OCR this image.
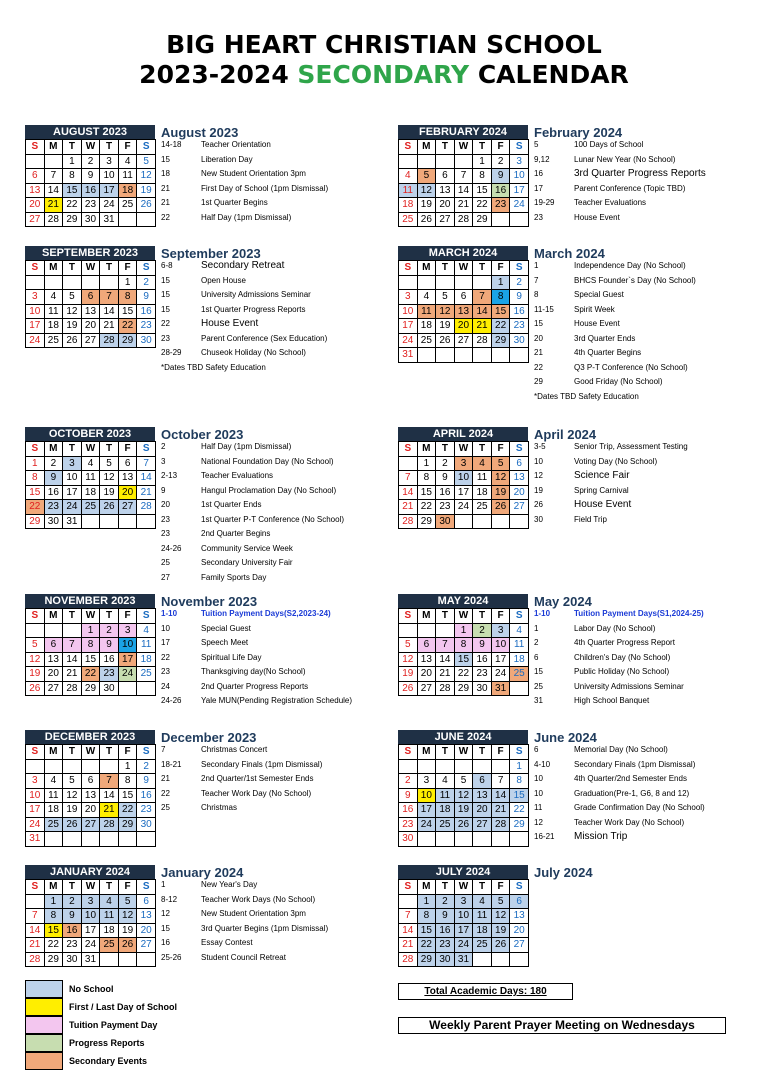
BIG HEART CHRISTIAN SCHOOL
2023-2024 SECONDARY CALENDAR
AUGUST 2023
S	M	T	W	T	F	S
		1	2	3	4	5
6	7	8	9	10	11	12
13	14	15	16	17	18	19
20	21	22	23	24	25	26
27	28	29	30	31		
August 2023
14-18	Teacher Orientation
15	Liberation Day
18	New Student Orientation 3pm
21	First Day of School (1pm Dismissal)
21	1st Quarter Begins
22	Half Day (1pm Dismissal)
SEPTEMBER 2023
S	M	T	W	T	F	S
					1	2
3	4	5	6	7	8	9
10	11	12	13	14	15	16
17	18	19	20	21	22	23
24	25	26	27	28	29	30
September 2023
6-8	Secondary Retreat
15	Open House
15	University Admissions Seminar
15	1st Quarter Progress Reports
22	House Event
23	Parent Conference (Sex Education)
28-29	Chuseok Holiday (No School)
*Dates TBD Safety Education
OCTOBER 2023
S	M	T	W	T	F	S
1	2	3	4	5	6	7
8	9	10	11	12	13	14
15	16	17	18	19	20	21
22	23	24	25	26	27	28
29	30	31				
October 2023
2	Half Day (1pm Dismissal)
3	National Foundation Day (No School)
2-13	Teacher Evaluations
9	Hangul Proclamation Day (No School)
20	1st Quarter Ends
23	1st Quarter P-T Conference (No School)
23	2nd Quarter Begins
24-26	Community Service Week
25	Secondary University Fair
27	Family Sports Day
NOVEMBER 2023
S	M	T	W	T	F	S
			1	2	3	4
5	6	7	8	9	10	11
12	13	14	15	16	17	18
19	20	21	22	23	24	25
26	27	28	29	30		
November 2023
1-10	Tuition Payment Days(S2,2023-24)
10	Special Guest
17	Speech Meet
22	Spiritual Life Day
23	Thanksgiving day(No School)
24	2nd Quarter Progress Reports
24-26	Yale MUN(Pending Registration Schedule)
DECEMBER 2023
S	M	T	W	T	F	S
					1	2
3	4	5	6	7	8	9
10	11	12	13	14	15	16
17	18	19	20	21	22	23
24	25	26	27	28	29	30
31						
December 2023
7	Christmas Concert
18-21	Secondary Finals (1pm Dismissal)
21	2nd Quarter/1st Semester Ends
22	Teacher Work Day (No School)
25	Christmas
JANUARY 2024
S	M	T	W	T	F	S
	1	2	3	4	5	6
7	8	9	10	11	12	13
14	15	16	17	18	19	20
21	22	23	24	25	26	27
28	29	30	31			
January 2024
1	New Year's Day
8-12	Teacher Work Days (No School)
12	New Student Orientation 3pm
15	3rd Quarter Begins (1pm Dismissal)
16	Essay Contest
25-26	Student Council Retreat
FEBRUARY 2024
S	M	T	W	T	F	S
				1	2	3
4	5	6	7	8	9	10
11	12	13	14	15	16	17
18	19	20	21	22	23	24
25	26	27	28	29		
February 2024
5	100 Days of School
9,12	Lunar New Year (No School)
16	3rd Quarter Progress Reports
17	Parent Conference (Topic TBD)
19-29	Teacher Evaluations
23	House Event
MARCH 2024
S	M	T	W	T	F	S
					1	2
3	4	5	6	7	8	9
10	11	12	13	14	15	16
17	18	19	20	21	22	23
24	25	26	27	28	29	30
31						
March 2024
1	Independence Day (No School)
7	BHCS Founder`s Day (No School)
8	Special Guest
11-15	Spirit Week
15	House Event
20	3rd Quarter Ends
21	4th Quarter Begins
22	Q3 P-T Conference (No School)
29	Good Friday (No School)
*Dates TBD Safety Education
APRIL 2024
S	M	T	W	T	F	S
	1	2	3	4	5	6
7	8	9	10	11	12	13
14	15	16	17	18	19	20
21	22	23	24	25	26	27
28	29	30				
April 2024
3-5	Senior Trip, Assessment Testing
10	Voting Day (No School)
12	Science Fair
19	Spring Carnival
26	House Event
30	Field Trip
MAY 2024
S	M	T	W	T	F	S
			1	2	3	4
5	6	7	8	9	10	11
12	13	14	15	16	17	18
19	20	21	22	23	24	25
26	27	28	29	30	31	
May 2024
1-10	Tuition Payment Days(S1,2024-25)
1	Labor Day (No School)
2	4th Quarter Progress Report
6	Children's Day (No School)
15	Public Holiday (No School)
25	University Admissions Seminar
31	High School Banquet
JUNE 2024
S	M	T	W	T	F	S
						1
2	3	4	5	6	7	8
9	10	11	12	13	14	15
16	17	18	19	20	21	22
23	24	25	26	27	28	29
30						
June 2024
6	Memorial Day (No School)
4-10	Secondary Finals (1pm Dismissal)
10	4th Quarter/2nd Semester Ends
10	Graduation(Pre-1, G6, 8 and 12)
11	Grade Confirmation Day (No School)
12	Teacher Work Day (No School)
16-21	Mission Trip
JULY 2024
S	M	T	W	T	F	S
	1	2	3	4	5	6
7	8	9	10	11	12	13
14	15	16	17	18	19	20
21	22	23	24	25	26	27
28	29	30	31			
July 2024
No School
First / Last Day of School
Tuition Payment Day
Progress Reports
Secondary Events
Total Academic Days: 180
Weekly Parent Prayer Meeting on Wednesdays
